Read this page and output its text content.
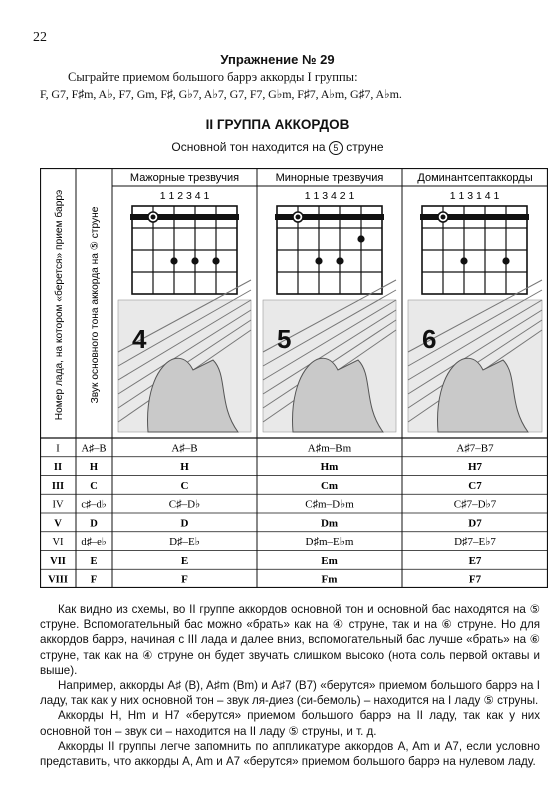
22
Упражнение № 29
Сыграйте приемом большого баррэ аккорды I группы:
F, G7, F♯m, A♭, F7, Gm, F♯, G♭7, A♭7, G7, F7, G♭m, F♯7, A♭m, G♯7, A♭m.
II ГРУППА АККОРДОВ
Основной тон находится на 5 струне
Мажорные трезвучия	Минорные трезвучия	Доминантсептаккорды
Номер лада, на котором «берется» прием баррэ Звук основного тона аккорда на ⑤ струне
1 1 2 3 4 1	1 1 3 4 2 1	1 1 3 1 4 1
4	5	6
I A♯–B	A♯–B	A♯m–Bm	A♯7–B7
II	H	H	Hm	H7
III C	C	Cm	C7
IV c♯–d♭	C♯–D♭	C♯m–D♭m	C♯7–D♭7
V	D	D	Dm	D7
VI d♯–e♭	D♯–E♭	D♯m–E♭m	D♯7–E♭7
VII E	E	Em	E7
VIII F	F	Fm	F7

Как видно из схемы, во II группе аккордов основной тон и основной бас находятся на ⑤ струне. Вспомогательный бас можно «брать» как на ④ струне, так и на ⑥ струне. Но для аккордов баррэ, начиная с III лада и далее вниз, вспомогательный бас лучше «брать» на ⑥ струне, так как на ④ струне он будет звучать слишком высоко (нота соль первой октавы и выше).

Например, аккорды A♯ (B), A♯m (Bm) и A♯7 (B7) «берутся» приемом большого баррэ на I ладу, так как у них основной тон – звук ля-диез (си-бемоль) – находится на I ладу ⑤ струны.

Аккорды H, Hm и H7 «берутся» приемом большого баррэ на II ладу, так как у них основной тон – звук си – находится на II ладу ⑤ струны, и т. д.

Аккорды II группы легче запомнить по аппликатуре аккордов A, Am и A7, если условно представить, что аккорды A, Am и A7 «берутся» приемом большого баррэ на нулевом ладу.
